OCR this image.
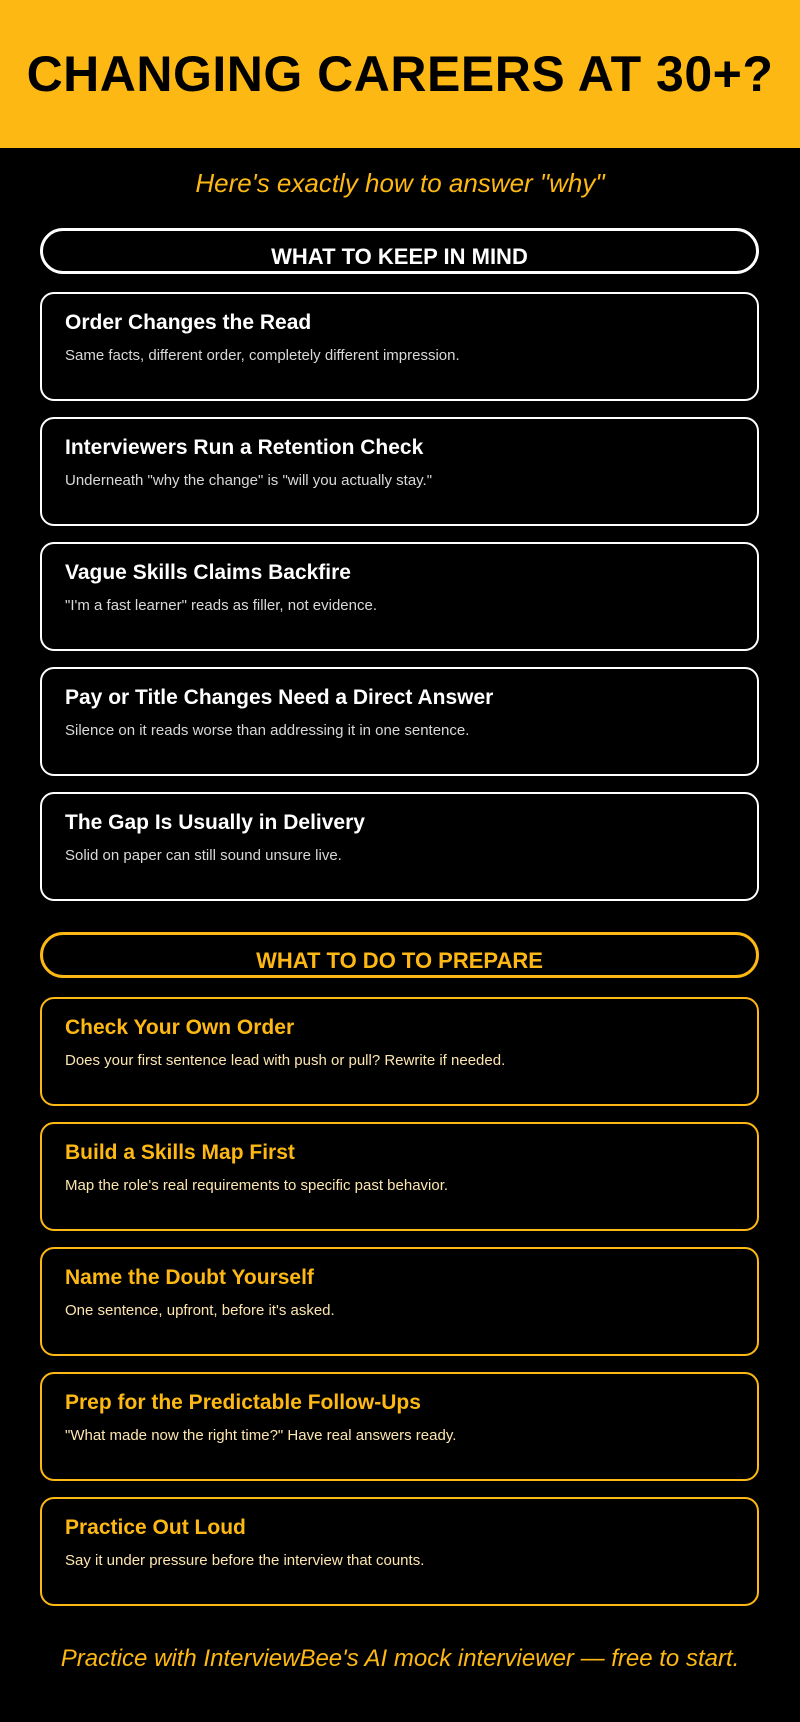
CHANGING CAREERS AT 30+?
Here's exactly how to answer "why"
WHAT TO KEEP IN MIND
Order Changes the Read
Same facts, different order, completely different impression.
Interviewers Run a Retention Check
Underneath "why the change" is "will you actually stay."
Vague Skills Claims Backfire
"I'm a fast learner" reads as filler, not evidence.
Pay or Title Changes Need a Direct Answer
Silence on it reads worse than addressing it in one sentence.
The Gap Is Usually in Delivery
Solid on paper can still sound unsure live.
WHAT TO DO TO PREPARE
Check Your Own Order
Does your first sentence lead with push or pull? Rewrite if needed.
Build a Skills Map First
Map the role's real requirements to specific past behavior.
Name the Doubt Yourself
One sentence, upfront, before it's asked.
Prep for the Predictable Follow-Ups
"What made now the right time?" Have real answers ready.
Practice Out Loud
Say it under pressure before the interview that counts.
Practice with InterviewBee's AI mock interviewer — free to start.
